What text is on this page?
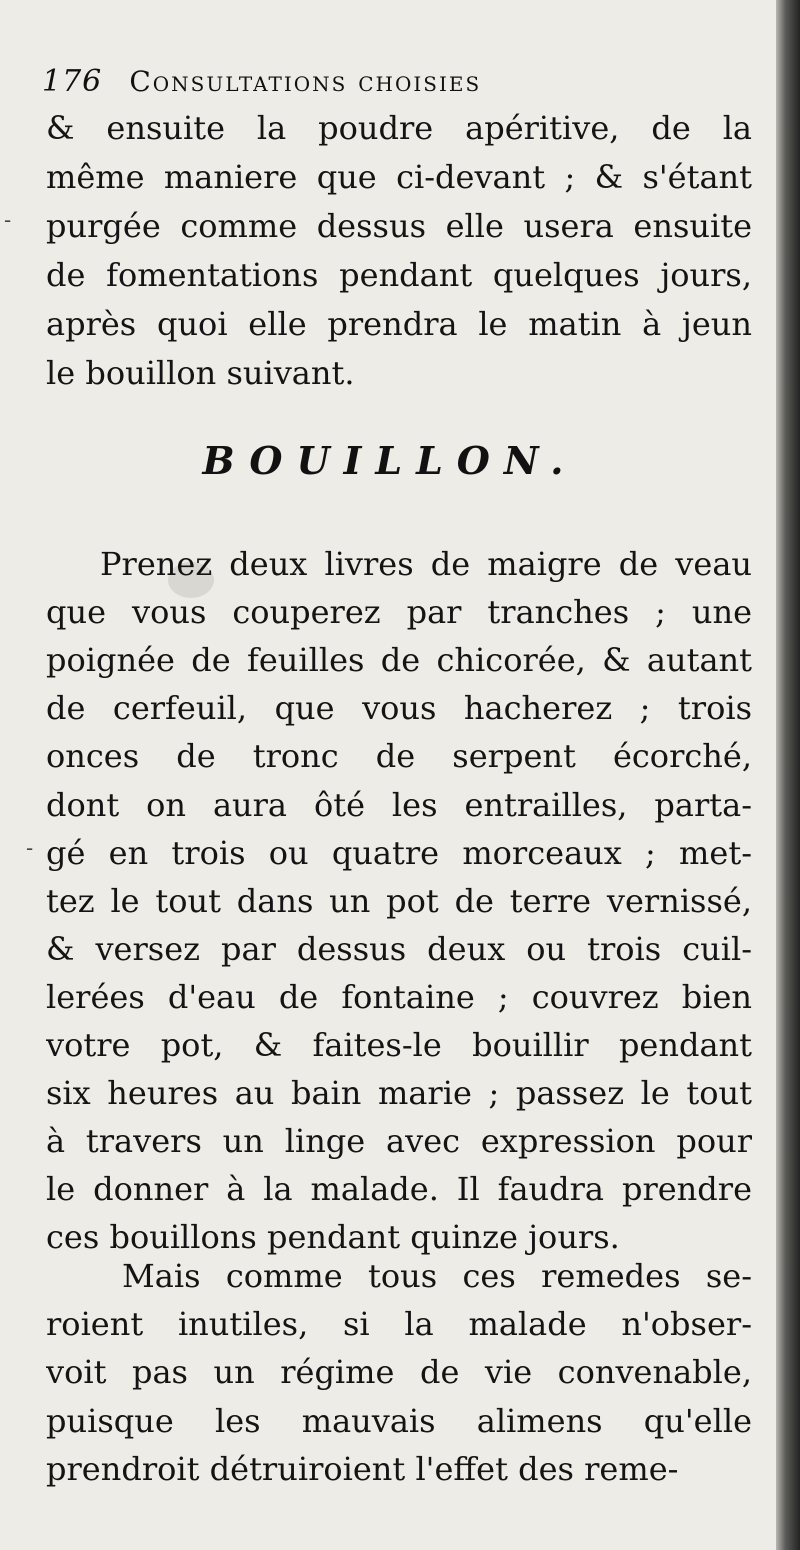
176 Consultations choisies
& ensuite la poudre apéritive, de la
même maniere que ci-devant ; & s'étant
purgée comme dessus elle usera ensuite
de fomentations pendant quelques jours,
après quoi elle prendra le matin à jeun
le bouillon suivant.
BOUILLON.
Prenez deux livres de maigre de veau
que vous couperez par tranches ; une
poignée de feuilles de chicorée, & autant
de cerfeuil, que vous hacherez ; trois
onces de tronc de serpent écorché,
dont on aura ôté les entrailles, parta-
gé en trois ou quatre morceaux ; met-
tez le tout dans un pot de terre vernissé,
& versez par dessus deux ou trois cuil-
lerées d'eau de fontaine ; couvrez bien
votre pot, & faites-le bouillir pendant
six heures au bain marie ; passez le tout
à travers un linge avec expression pour
le donner à la malade. Il faudra prendre
ces bouillons pendant quinze jours.
Mais comme tous ces remedes se-
roient inutiles, si la malade n'obser-
voit pas un régime de vie convenable,
puisque les mauvais alimens qu'elle
prendroit détruiroient l'effet des reme-
-
-
